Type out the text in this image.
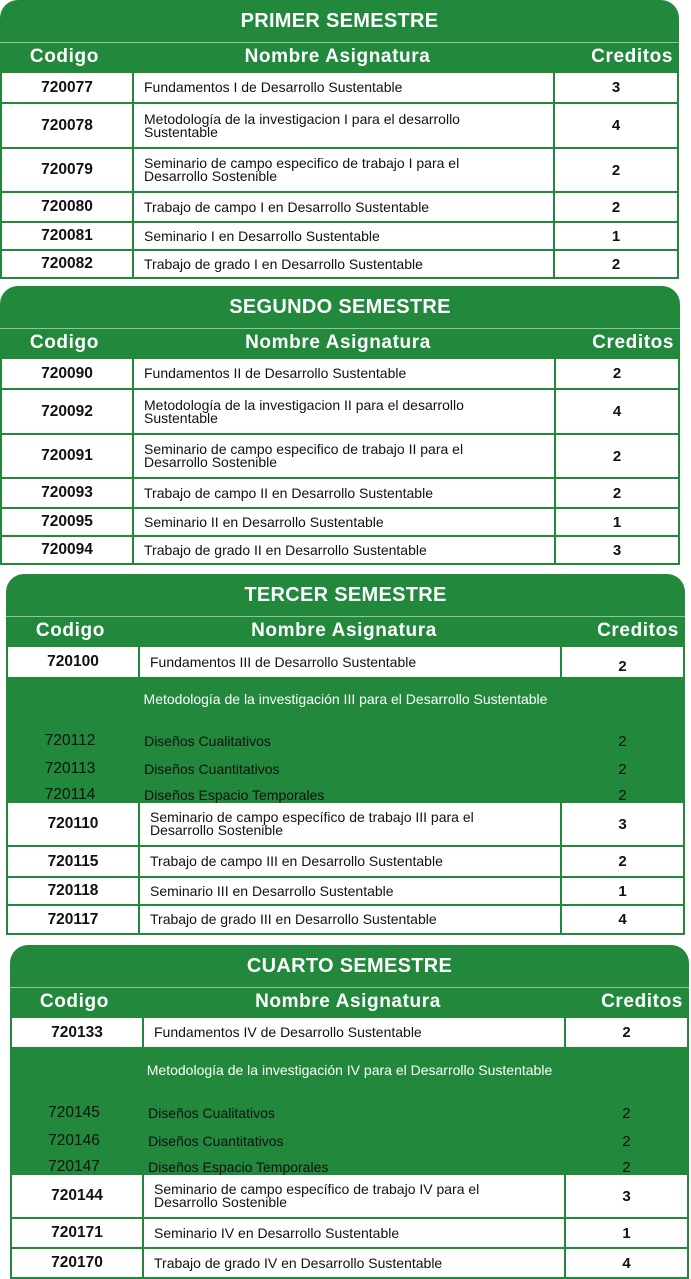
PRIMER SEMESTRE
Codigo	Nombre Asignatura	Creditos
720077	Fundamentos I de Desarrollo Sustentable	3
720078	Metodología de la investigacion I para el desarrollo Sustentable	4
720079	Seminario de campo especifico de trabajo I para el Desarrollo Sostenible	2
720080	Trabajo de campo I en Desarrollo Sustentable	2
720081	Seminario I en Desarrollo Sustentable	1
720082	Trabajo de grado I en Desarrollo Sustentable	2
SEGUNDO SEMESTRE
Codigo	Nombre Asignatura	Creditos
720090	Fundamentos II de Desarrollo Sustentable	2
720092	Metodología de la investigacion II para el desarrollo Sustentable	4
720091	Seminario de campo especifico de trabajo II para el Desarrollo Sostenible	2
720093	Trabajo de campo II en Desarrollo Sustentable	2
720095	Seminario II en Desarrollo Sustentable	1
720094	Trabajo de grado II en Desarrollo Sustentable	3
TERCER SEMESTRE
Codigo	Nombre Asignatura	Creditos
720100	Fundamentos III de Desarrollo Sustentable	2
Metodología de la investigación III para el Desarrollo Sustentable
720112	Diseños Cualitativos	2
720113	Diseños Cuantitativos	2
720114	Diseños Espacio Temporales	2
720110	Seminario de campo específico de trabajo III para el Desarrollo Sostenible	3
720115	Trabajo de campo III en Desarrollo Sustentable	2
720118	Seminario III en Desarrollo Sustentable	1
720117	Trabajo de grado III en Desarrollo Sustentable	4
CUARTO SEMESTRE
Codigo	Nombre Asignatura	Creditos
720133	Fundamentos IV de Desarrollo Sustentable	2
Metodología de la investigación IV para el Desarrollo Sustentable
720145	Diseños Cualitativos	2
720146	Diseños Cuantitativos	2
720147	Diseños Espacio Temporales	2
720144	Seminario de campo específico de trabajo IV para el Desarrollo Sostenible	3
720171	Seminario IV en Desarrollo Sustentable	1
720170	Trabajo de grado IV en Desarrollo Sustentable	4
